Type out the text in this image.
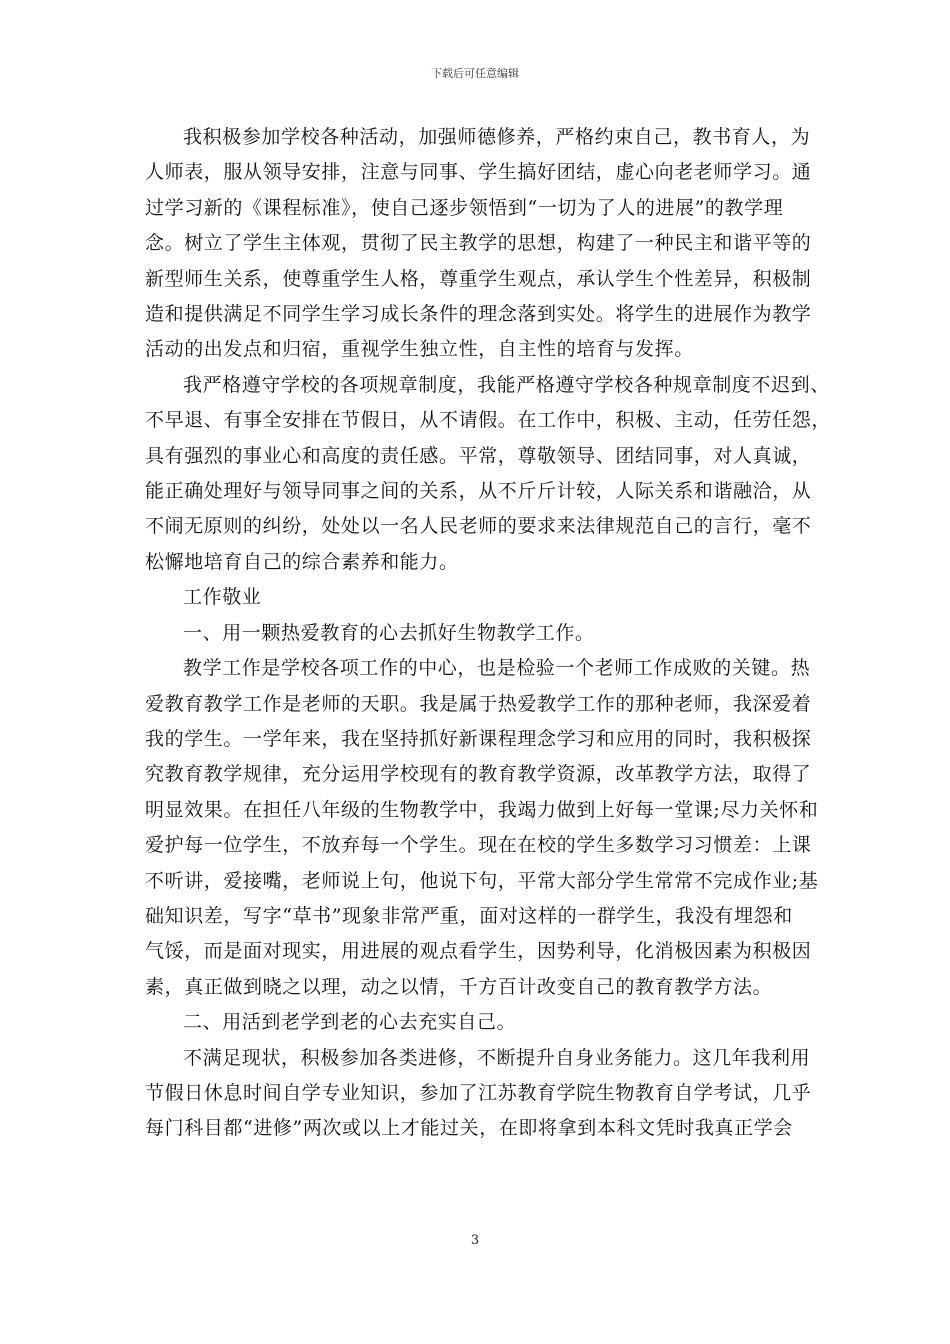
下载后可任意编辑

我积极参加学校各种活动，加强师德修养，严格约束自己，教书育人，为
人师表，服从领导安排，注意与同事、学生搞好团结，虚心向老老师学习。通
过学习新的《课程标准》，使自己逐步领悟到“一切为了人的进展”的教学理
念。树立了学生主体观，贯彻了民主教学的思想，构建了一种民主和谐平等的
新型师生关系，使尊重学生人格，尊重学生观点，承认学生个性差异，积极制
造和提供满足不同学生学习成长条件的理念落到实处。将学生的进展作为教学
活动的出发点和归宿，重视学生独立性，自主性的培育与发挥。

我严格遵守学校的各项规章制度，我能严格遵守学校各种规章制度不迟到、
不早退、有事全安排在节假日，从不请假。在工作中，积极、主动，任劳任怨，
具有强烈的事业心和高度的责任感。平常，尊敬领导、团结同事，对人真诚，
能正确处理好与领导同事之间的关系，从不斤斤计较，人际关系和谐融洽，从
不闹无原则的纠纷，处处以一名人民老师的要求来法律规范自己的言行，毫不
松懈地培育自己的综合素养和能力。

工作敬业

一、用一颗热爱教育的心去抓好生物教学工作。

教学工作是学校各项工作的中心，也是检验一个老师工作成败的关键。热
爱教育教学工作是老师的天职。我是属于热爱教学工作的那种老师，我深爱着
我的学生。一学年来，我在坚持抓好新课程理念学习和应用的同时，我积极探
究教育教学规律，充分运用学校现有的教育教学资源，改革教学方法，取得了
明显效果。在担任八年级的生物教学中，我竭力做到上好每一堂课;尽力关怀和
爱护每一位学生，不放弃每一个学生。现在在校的学生多数学习习惯差：上课
不听讲，爱接嘴，老师说上句，他说下句，平常大部分学生常常不完成作业;基
础知识差，写字“草书”现象非常严重，面对这样的一群学生，我没有埋怨和
气馁，而是面对现实，用进展的观点看学生，因势利导，化消极因素为积极因
素，真正做到晓之以理，动之以情，千方百计改变自己的教育教学方法。

二、用活到老学到老的心去充实自己。

不满足现状，积极参加各类进修，不断提升自身业务能力。这几年我利用
节假日休息时间自学专业知识，参加了江苏教育学院生物教育自学考试，几乎
每门科目都“进修”两次或以上才能过关，在即将拿到本科文凭时我真正学会

3
